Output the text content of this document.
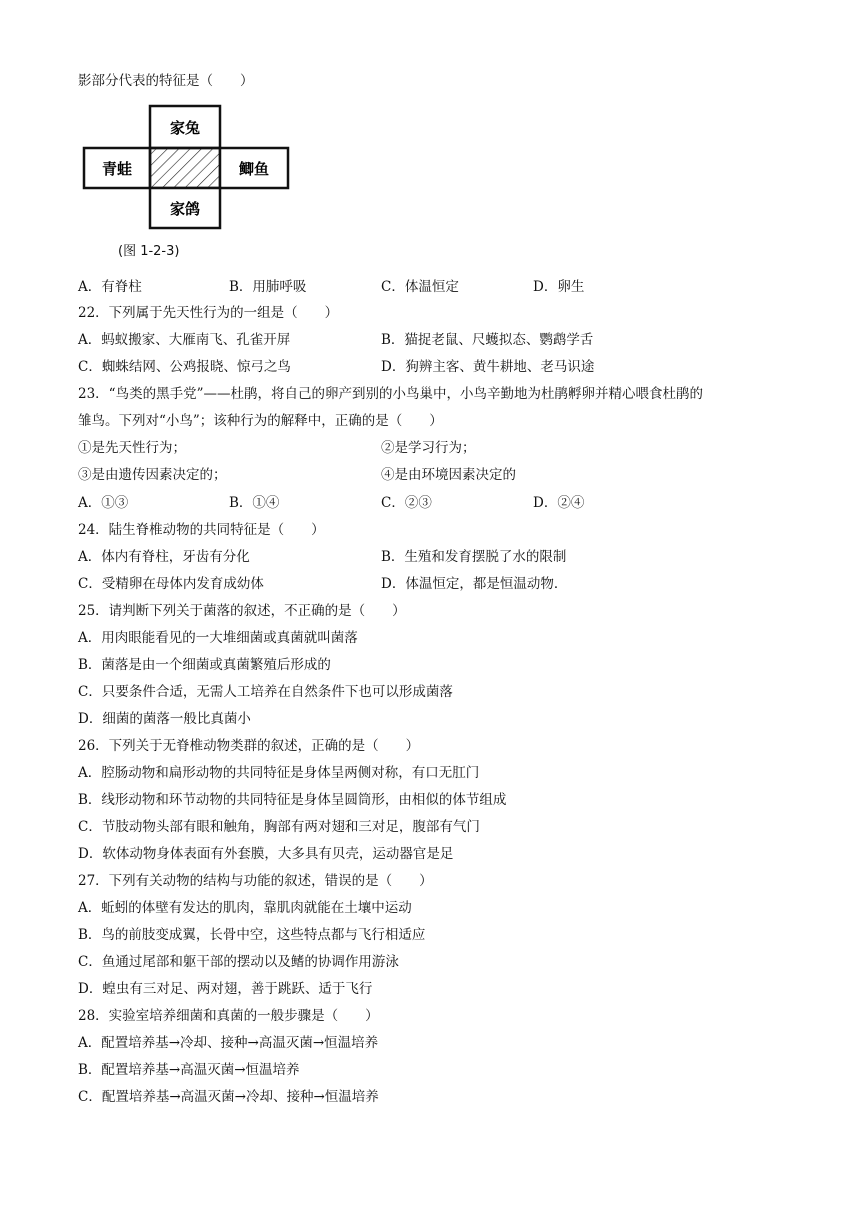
影部分代表的特征是（　　）
家兔
青蛙	鲫鱼
家鸽
(图 1-2-3)
A．有脊柱	B．用肺呼吸	C．体温恒定	D．卵生
22．下列属于先天性行为的一组是（　　）
A．蚂蚁搬家、大雁南飞、孔雀开屏	B．猫捉老鼠、尺蠖拟态、鹦鹉学舌
C．蜘蛛结网、公鸡报晓、惊弓之鸟	D．狗辨主客、黄牛耕地、老马识途
23．“鸟类的黑手党”——杜鹃，将自己的卵产到别的小鸟巢中，小鸟辛勤地为杜鹃孵卵并精心喂食杜鹃的
雏鸟。下列对“小鸟”；该种行为的解释中，正确的是（　　）
①是先天性行为；	②是学习行为；
③是由遗传因素决定的；	④是由环境因素决定的
A．①③	B．①④	C．②③	D．②④
24．陆生脊椎动物的共同特征是（　　）
A．体内有脊柱，牙齿有分化	B．生殖和发育摆脱了水的限制
C．受精卵在母体内发育成幼体	D．体温恒定，都是恒温动物．
25．请判断下列关于菌落的叙述，不正确的是（　　）
A．用肉眼能看见的一大堆细菌或真菌就叫菌落
B．菌落是由一个细菌或真菌繁殖后形成的
C．只要条件合适，无需人工培养在自然条件下也可以形成菌落
D．细菌的菌落一般比真菌小
26．下列关于无脊椎动物类群的叙述，正确的是（　　）
A．腔肠动物和扁形动物的共同特征是身体呈两侧对称，有口无肛门
B．线形动物和环节动物的共同特征是身体呈圆筒形，由相似的体节组成
C．节肢动物头部有眼和触角，胸部有两对翅和三对足，腹部有气门
D．软体动物身体表面有外套膜，大多具有贝壳，运动器官是足
27．下列有关动物的结构与功能的叙述，错误的是（　　）
A．蚯蚓的体壁有发达的肌肉，靠肌肉就能在土壤中运动
B．鸟的前肢变成翼，长骨中空，这些特点都与飞行相适应
C．鱼通过尾部和躯干部的摆动以及鳍的协调作用游泳
D．蝗虫有三对足、两对翅，善于跳跃、适于飞行
28．实验室培养细菌和真菌的一般步骤是（　　）
A．配置培养基→冷却、接种→高温灭菌→恒温培养
B．配置培养基→高温灭菌→恒温培养
C．配置培养基→高温灭菌→冷却、接种→恒温培养
